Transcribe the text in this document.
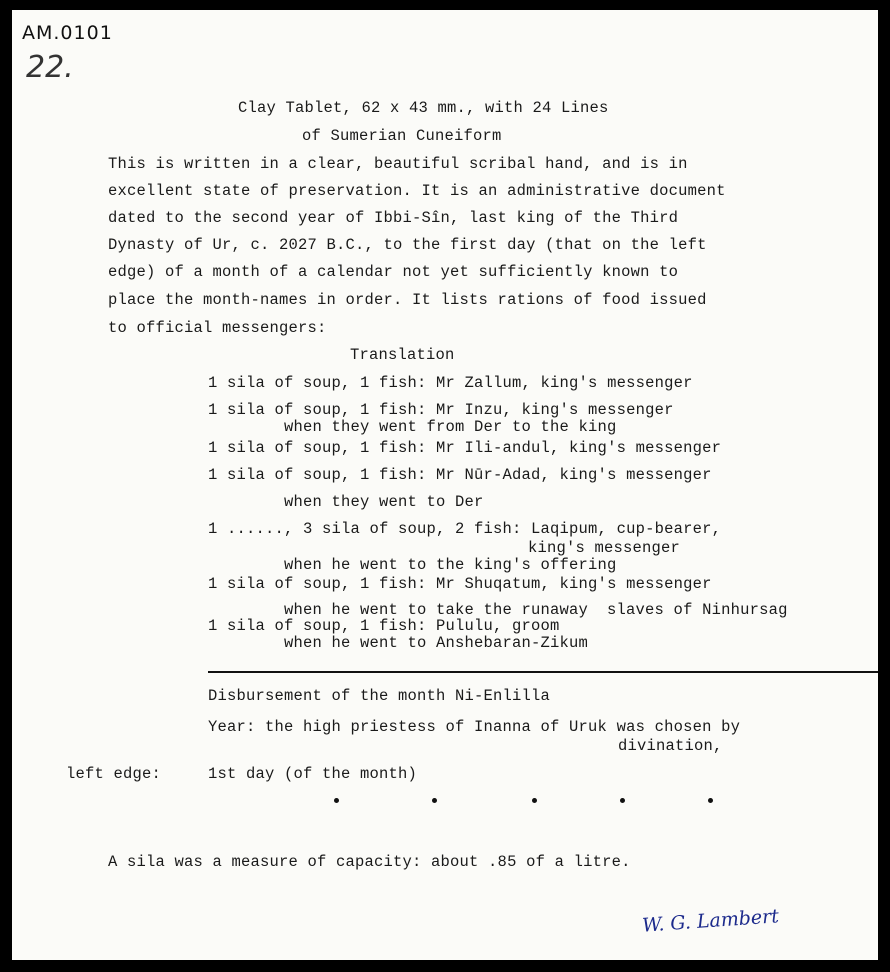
AM.0101
22.
Clay Tablet, 62 x 43 mm., with 24 Lines
of Sumerian Cuneiform
This is written in a clear, beautiful scribal hand, and is in
excellent state of preservation. It is an administrative document
dated to the second year of Ibbi-Sîn, last king of the Third
Dynasty of Ur, c. 2027 B.C., to the first day (that on the left
edge) of a month of a calendar not yet sufficiently known to
place the month-names in order. It lists rations of food issued
to official messengers:
Translation
1 sila of soup, 1 fish: Mr Zallum, king's messenger
1 sila of soup, 1 fish: Mr Inzu, king's messenger
when they went from Der to the king
1 sila of soup, 1 fish: Mr Ili-andul, king's messenger
1 sila of soup, 1 fish: Mr Nūr-Adad, king's messenger
when they went to Der
1 ......, 3 sila of soup, 2 fish: Laqipum, cup-bearer,
king's messenger
when he went to the king's offering
1 sila of soup, 1 fish: Mr Shuqatum, king's messenger
when he went to take the runaway  slaves of Ninhursag
1 sila of soup, 1 fish: Pululu, groom
when he went to Anshebaran-Zikum
Disbursement of the month Ni-Enlilla
Year: the high priestess of Inanna of Uruk was chosen by
divination,
left edge:	1st day (of the month)
A sila was a measure of capacity: about .85 of a litre.
W. G. Lambert
